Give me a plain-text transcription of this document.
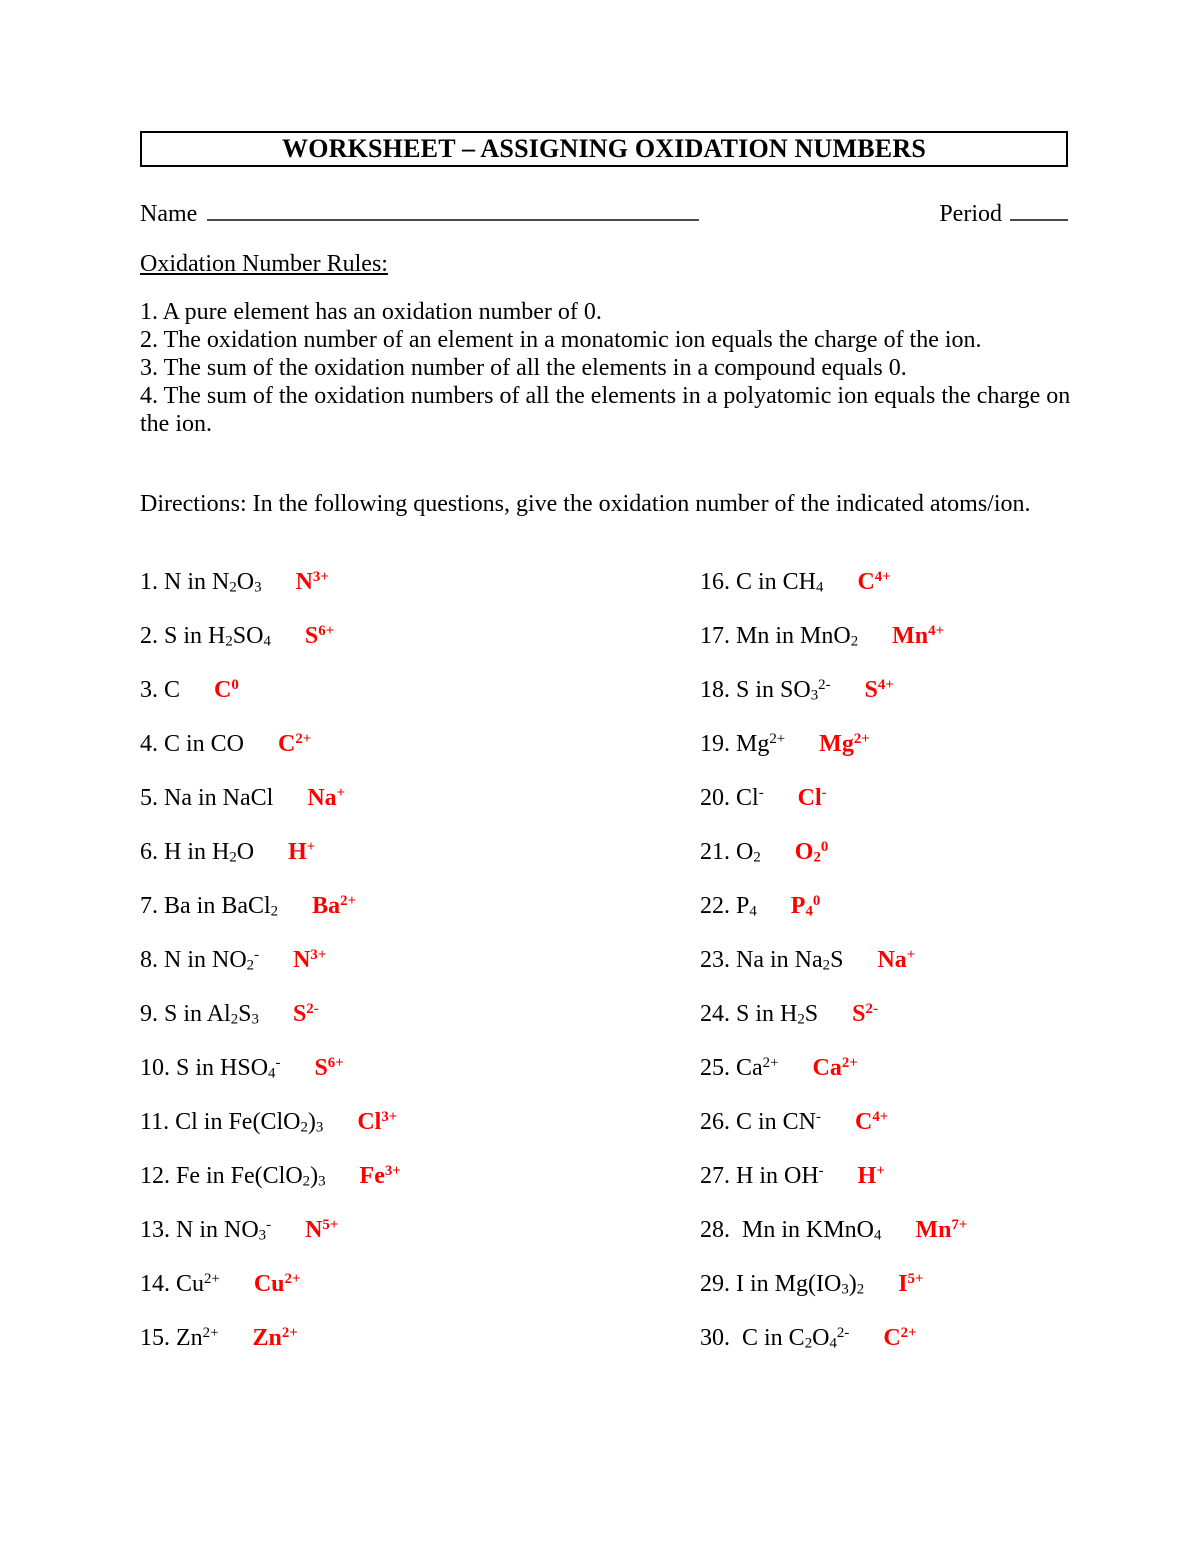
WORKSHEET – ASSIGNING OXIDATION NUMBERS
Name	Period
Oxidation Number Rules:
1. A pure element has an oxidation number of 0.
2. The oxidation number of an element in a monatomic ion equals the charge of the ion.
3. The sum of the oxidation number of all the elements in a compound equals 0.
4. The sum of the oxidation numbers of all the elements in a polyatomic ion equals the charge on the ion.
Directions: In the following questions, give the oxidation number of the indicated atoms/ion.
1. N in $N_2O_3$ $N^{3+}$
2. S in $H_2SO_4$ $S^{6+}$
3. C $C^0$
4. C in CO $C^{2+}$
5. Na in NaCl Na+
6. H in $H_2O$ H+
7. Ba in BaCl$_2$ $Ba^{2+}$
8. N in $NO_2^-$ $N^{3+}$
9. S in $Al_2S_3$ $S^{2-}$
10. S in $HSO_4^-$ $S^{6+}$
11. Cl in $Fe(ClO_2)_3$ $Cl^{3+}$
12. Fe in $Fe(ClO_2)_3$ $Fe^{3+}$
13. N in $NO_3^-$ $N^{5+}$
14. $Cu^{2+}$ $Cu^{2+}$
15. $Zn^{2+}$ $Zn^{2+}$
16. C in $CH_4$ $C^{4+}$
17. Mn in MnO$_2$ $Mn^{4+}$
18. S in $SO_3^{2-}$ $S^{4+}$
19. $Mg^{2+}$ $Mg^{2+}$
20. Cl- Cl-
21. $O_2$ $O_2^0$
22. $P_4$ $P_4^0$
23. Na in $Na_2S$ Na+
24. S in $H_2S$ $S^{2-}$
25. $Ca^{2+}$ $Ca^{2+}$
26. C in CN- $C^{4+}$
27. H in OH- H+
28.  Mn in KMnO$_4$ $Mn^{7+}$
29. I in $Mg(IO_3)_2$ $I^{5+}$
30.  C in $C_2O_4^{2-}$ $C^{2+}$
